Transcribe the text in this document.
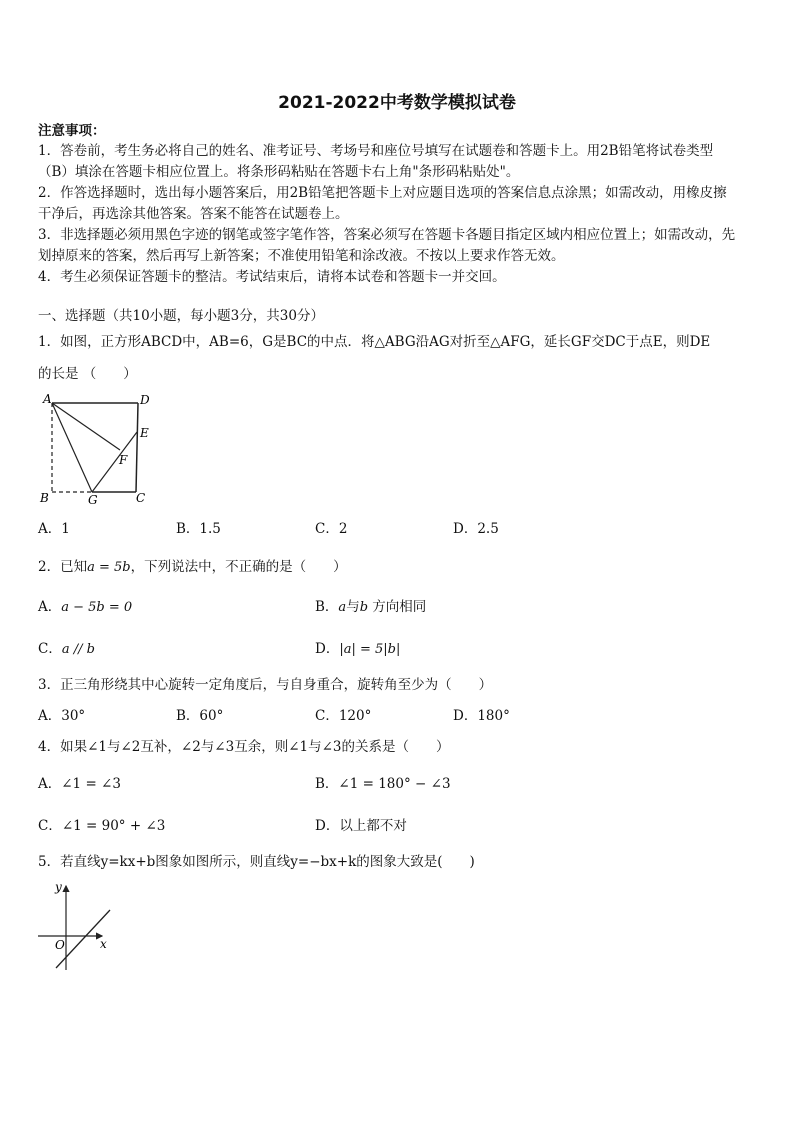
2021-2022中考数学模拟试卷
注意事项：
1．答卷前，考生务必将自己的姓名、准考证号、考场号和座位号填写在试题卷和答题卡上。用2B铅笔将试卷类型
（B）填涂在答题卡相应位置上。将条形码粘贴在答题卡右上角"条形码粘贴处"。
2．作答选择题时，选出每小题答案后，用2B铅笔把答题卡上对应题目选项的答案信息点涂黑；如需改动，用橡皮擦
干净后，再选涂其他答案。答案不能答在试题卷上。
3．非选择题必须用黑色字迹的钢笔或签字笔作答，答案必须写在答题卡各题目指定区域内相应位置上；如需改动，先
划掉原来的答案，然后再写上新答案；不准使用铅笔和涂改液。不按以上要求作答无效。
4．考生必须保证答题卡的整洁。考试结束后，请将本试卷和答题卡一并交回。
一、选择题（共10小题，每小题3分，共30分）
1．如图，正方形ABCD中，AB=6，G是BC的中点．将△ABG沿AG对折至△AFG，延长GF交DC于点E，则DE
的长是 （　　）
A	D
E
F
B	G	C
A．1	B．1.5	C．2	D．2.5
2．已知a = 5b，下列说法中，不正确的是（　　）
A．a − 5b = 0	B．a与b 方向相同
C．a // b	D．|a| = 5|b|
3．正三角形绕其中心旋转一定角度后，与自身重合，旋转角至少为（　　）
A．30°	B．60°	C．120°	D．180°
4．如果∠1与∠2互补，∠2与∠3互余，则∠1与∠3的关系是（　　）
A．∠1 = ∠3	B．∠1 = 180° − ∠3
C．∠1 = 90° + ∠3	D．以上都不对
5．若直线y=kx+b图象如图所示，则直线y=−bx+k的图象大致是(　　)
y
x
O
